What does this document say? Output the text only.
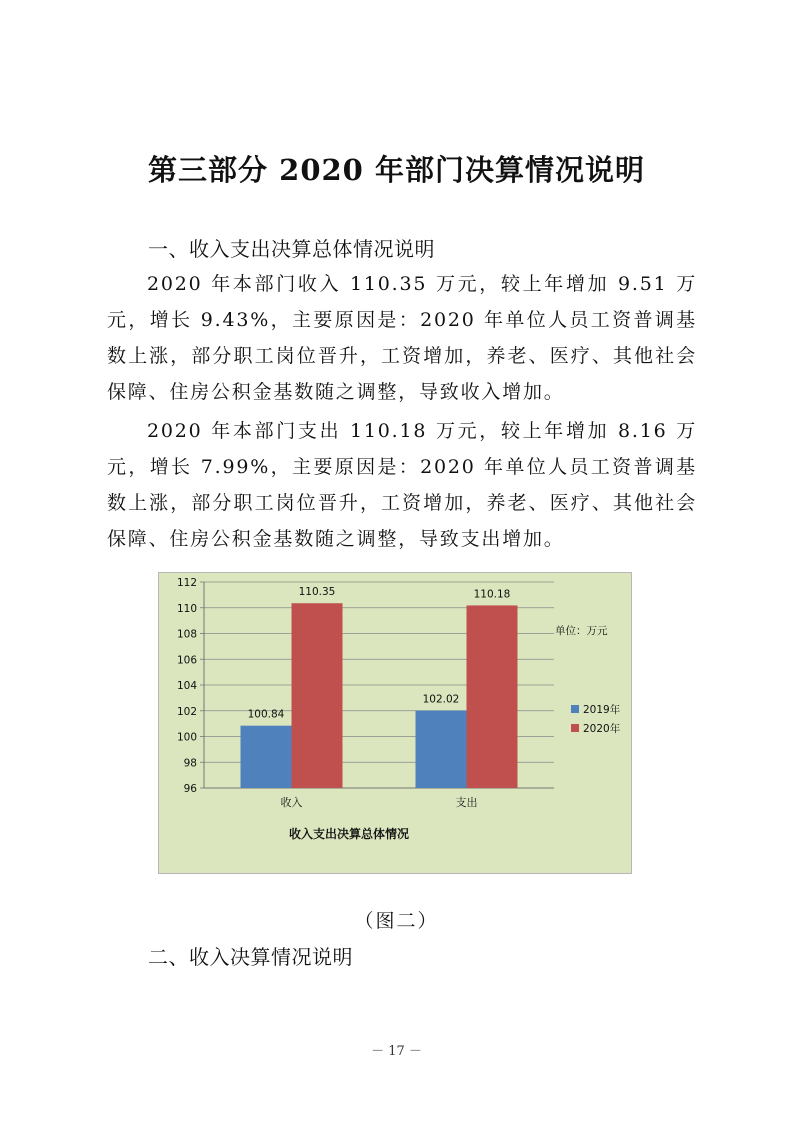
第三部分 2020 年部门决算情况说明
一、收入支出决算总体情况说明

2020 年本部门收入 110.35 万元，较上年增加 9.51 万元，增长 9.43%，主要原因是：2020 年单位人员工资普调基数上涨，部分职工岗位晋升，工资增加，养老、医疗、其他社会保障、住房公积金基数随之调整，导致收入增加。

2020 年本部门支出 110.18 万元，较上年增加 8.16 万元，增长 7.99%，主要原因是：2020 年单位人员工资普调基数上涨，部分职工岗位晋升，工资增加，养老、医疗、其他社会保障、住房公积金基数随之调整，导致支出增加。

96
98
100
102
104
106
108
110
112
100.84
110.35
收入
102.02
110.18
支出
单位：万元
2019年
2020年
收入支出决算总体情况
（图二）
二、收入决算情况说明
－ 17 －
